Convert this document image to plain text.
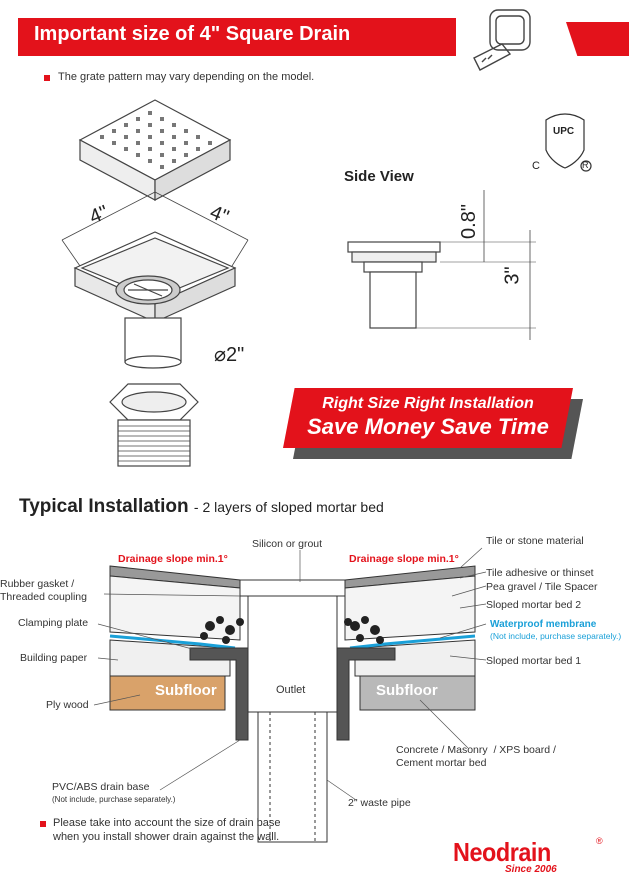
Important size of 4" Square Drain
The grate pattern may vary depending on the model.
4"	4"
⌀2"
0.8"
3"
Side View
UPC
C	R
Right Size Right Installation
Save Money Save Time
Typical Installation - 2 layers of sloped mortar bed
Silicon or grout	Tile or stone material
Drainage slope min.1°	Drainage slope min.1°
Rubber gasket /
Threaded coupling
Tile adhesive or thinset
Pea gravel / Tile Spacer
Clamping plate
Sloped mortar bed 2
Waterproof membrane
(Not include, purchase separately.)
Building paper	Sloped mortar bed 1
Subfloor	Outlet	Subfloor
Ply wood
Concrete / Masonry  / XPS board /
Cement mortar bed
PVC/ABS drain base
(Not include, purchase separately.)	2" waste pipe
Please take into account the size of drain base
when you install shower drain against the wall.	Neodrain	®
Since 2006
